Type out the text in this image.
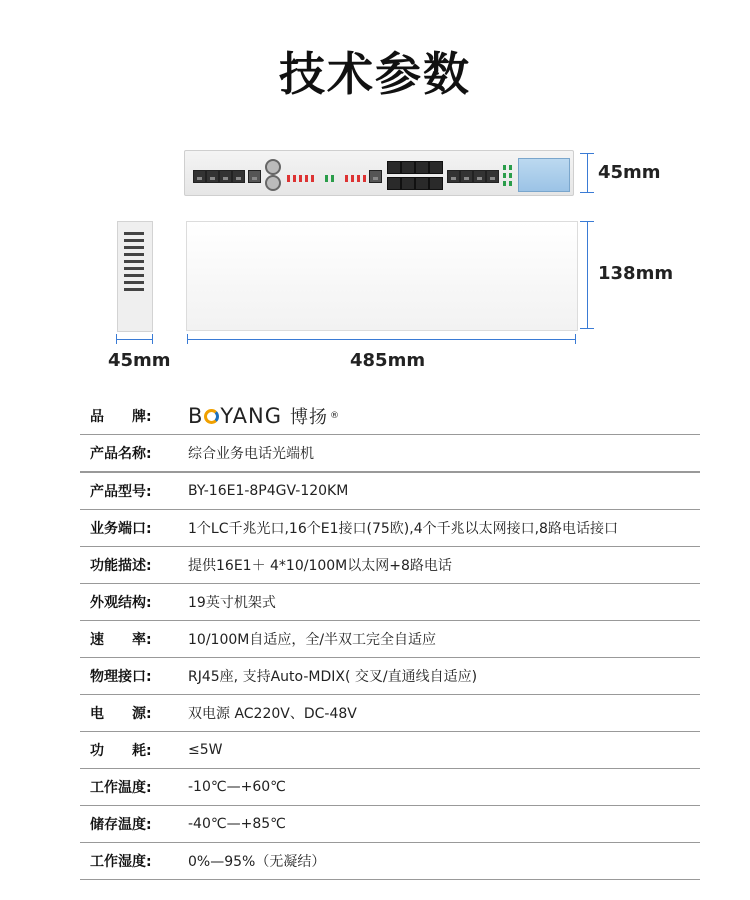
技术参数
45mm
138mm
45mm	485mm
品　　牌:	B YANG 博扬 ®
产品名称:	综合业务电话光端机
产品型号:	BY-16E1-8P4GV-120KM
业务端口:	1个LC千兆光口,16个E1接口(75欧),4个千兆以太网接口,8路电话接口
功能描述:	提供16E1＋ 4*10/100M以太网+8路电话
外观结构:	19英寸机架式
速　　率:	10/100M自适应，全/半双工完全自适应
物理接口:	RJ45座, 支持Auto-MDIX( 交叉/直通线自适应)
电　　源:	双电源 AC220V、DC-48V
功　　耗:	≤5W
工作温度:	-10℃—+60℃
储存温度:	-40℃—+85℃
工作湿度:	0%—95%（无凝结）
